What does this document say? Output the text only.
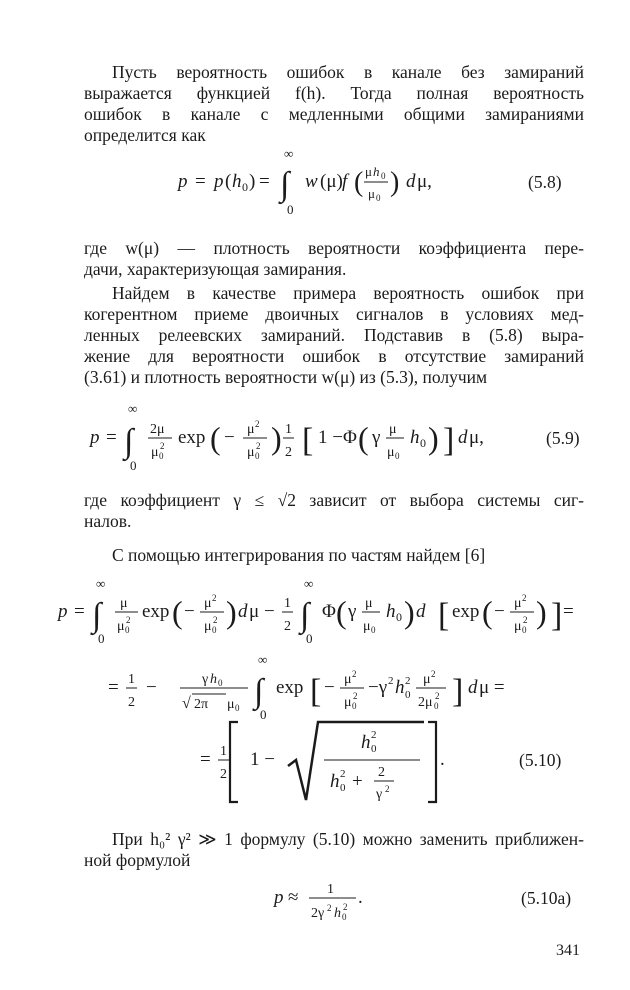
Пусть вероятность ошибок в канале без замираний
выражается функцией f(h). Тогда полная вероятность
ошибок в канале с медленными общими замираниями
определится как
p = p ( h 0 ) = ∫
∞
0
w (μ) f ( μ h 0
μ 0 ) d μ,	(5.8)
где w(μ) — плотность вероятности коэффициента пере-
дачи, характеризующая замирания.
Найдем в качестве примера вероятность ошибок при
когерентном приеме двоичных сигналов в условиях мед-
ленных релеевских замираний. Подставив в (5.8) выра-
жение для вероятности ошибок в отсутствие замираний
(3.61) и плотность вероятности w(μ) из (5.3), получим
p = ∫
∞
0
2μ
μ 0
2 exp ( − μ 2
μ 0
2 ) 1
2 [ 1 −Φ ( γ μ
μ 0
h 0 ) ] d μ,	(5.9)
где коэффициент γ ≤ √2 зависит от выбора системы сиг-
налов.
С помощью интегрирования по частям найдем [6]
p = ∫
∞
0
μ
μ 0
2 exp ( − μ 2
μ 0
2 ) d μ − 1
2 ∫
∞
0
Φ ( γ μ
μ 0
h 0 ) d [ exp ( − μ 2
μ 0
2 ) ] =
= 1
2
−	γ h 0
√ 2π μ 0 ∫
∞
0
exp [ − μ 2
μ 0
2 −γ 2 h 0
2 μ 2
2μ 0
2 ] d μ =
= 1
2
1 −
h 0
2
h 0
2 + 2
γ 2
.	(5.10)
При h₀² γ² ≫ 1 формулу (5.10) можно заменить приближен-
ной формулой
p ≈ 1
2γ 2 h 0
2 .	(5.10a)
341
